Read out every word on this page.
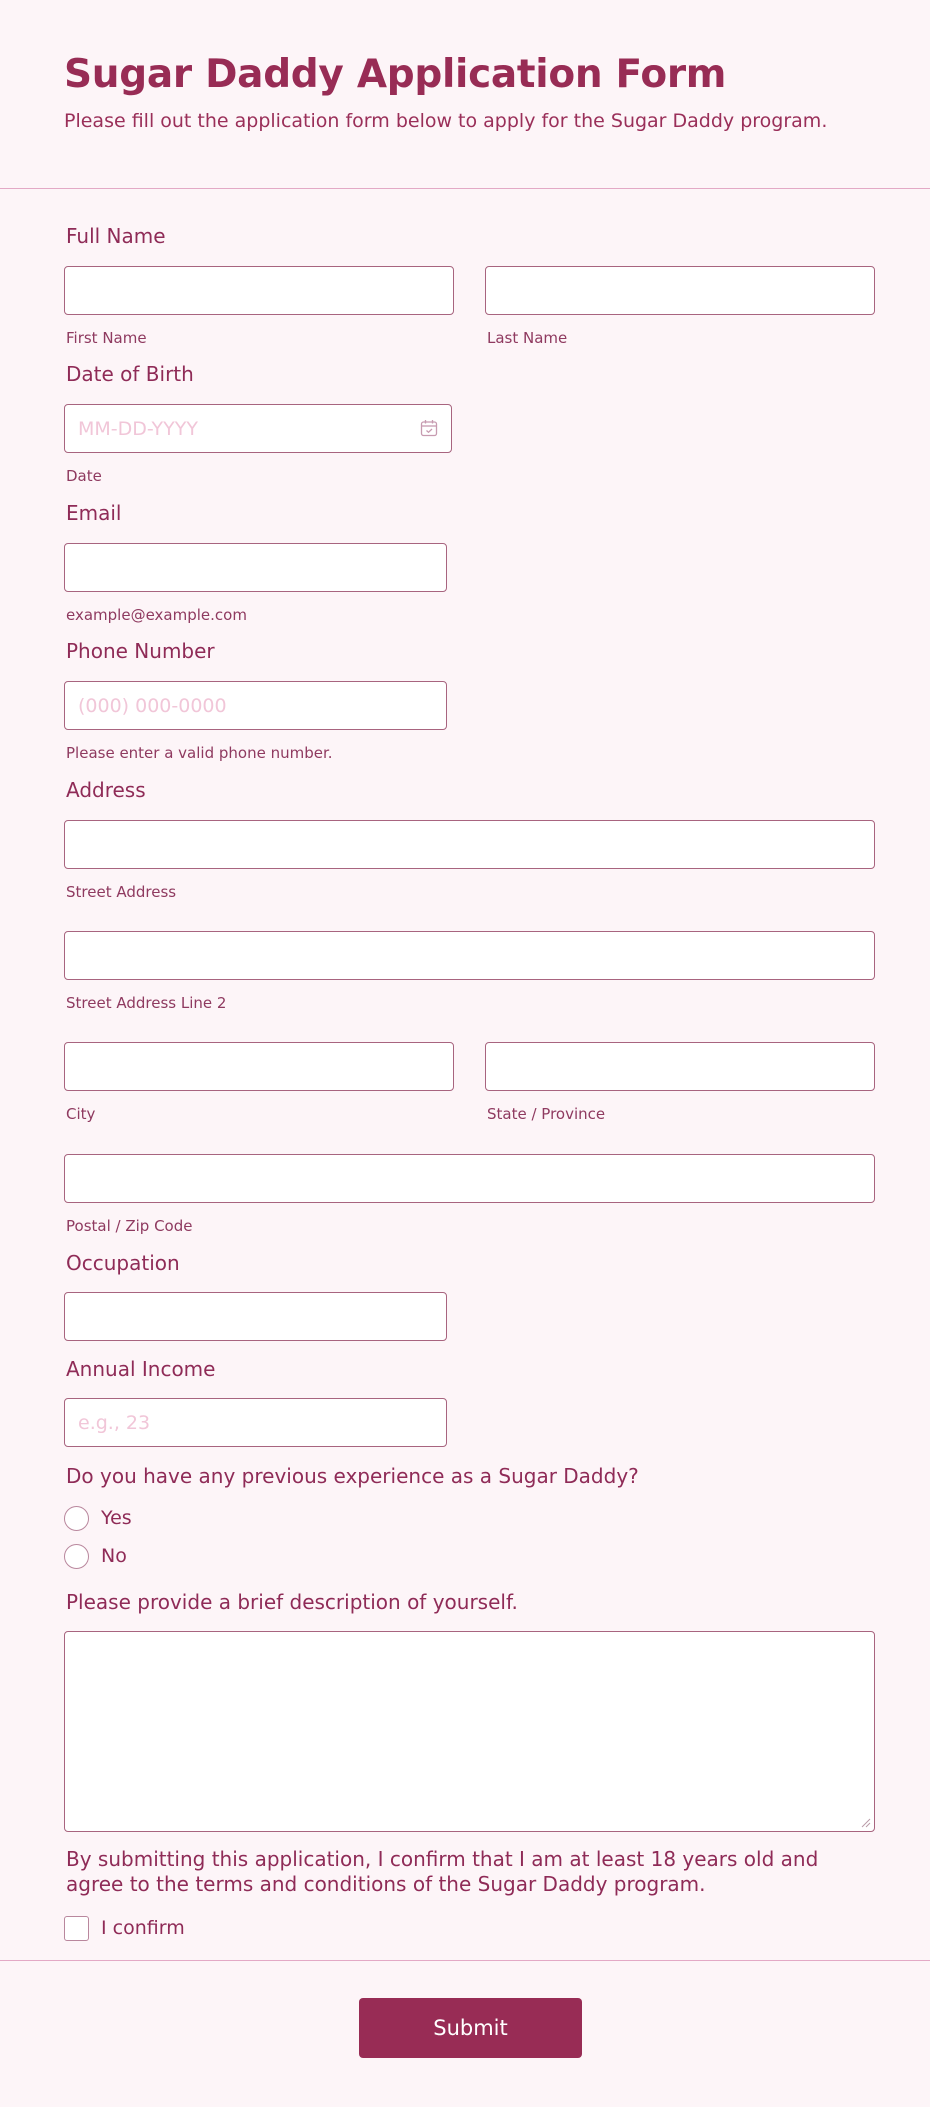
Sugar Daddy Application Form

Please fill out the application form below to apply for the Sugar Daddy program.

Full Name
First Name	Last Name
Date of Birth
MM-DD-YYYY
Date
Email
example@example.com
Phone Number
(000) 000-0000
Please enter a valid phone number.
Address
Street Address
Street Address Line 2
City	State / Province
Postal / Zip Code
Occupation
Annual Income
e.g., 23
Do you have any previous experience as a Sugar Daddy?
Yes
No
Please provide a brief description of yourself.

By submitting this application, I confirm that I am at least 18 years old and agree to the terms and conditions of the Sugar Daddy program.

I confirm
Submit
